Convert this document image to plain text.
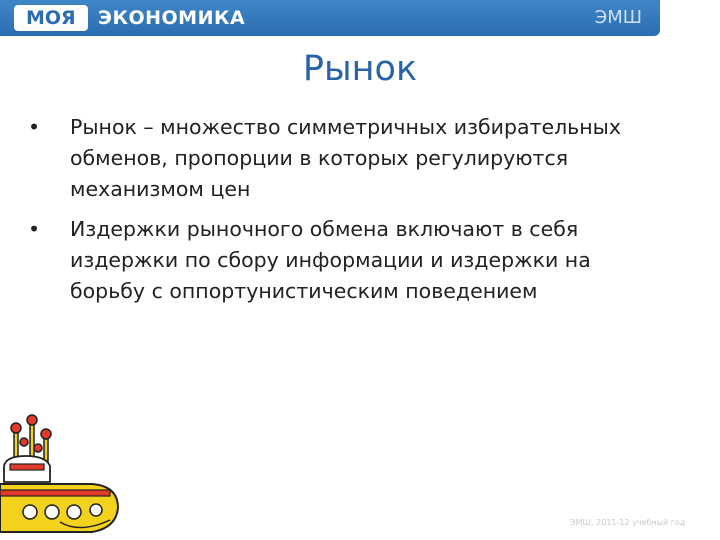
МОЯ	ЭКОНОМИКА	ЭМШ
Рынок
•	Рынок – множество симметричных избирательных обменов, пропорции в которых регулируются механизмом цен
•	Издержки рыночного обмена включают в себя издержки по сбору информации и издержки на борьбу с оппортунистическим поведением
ЭМШ, 2011-12 учебный год
